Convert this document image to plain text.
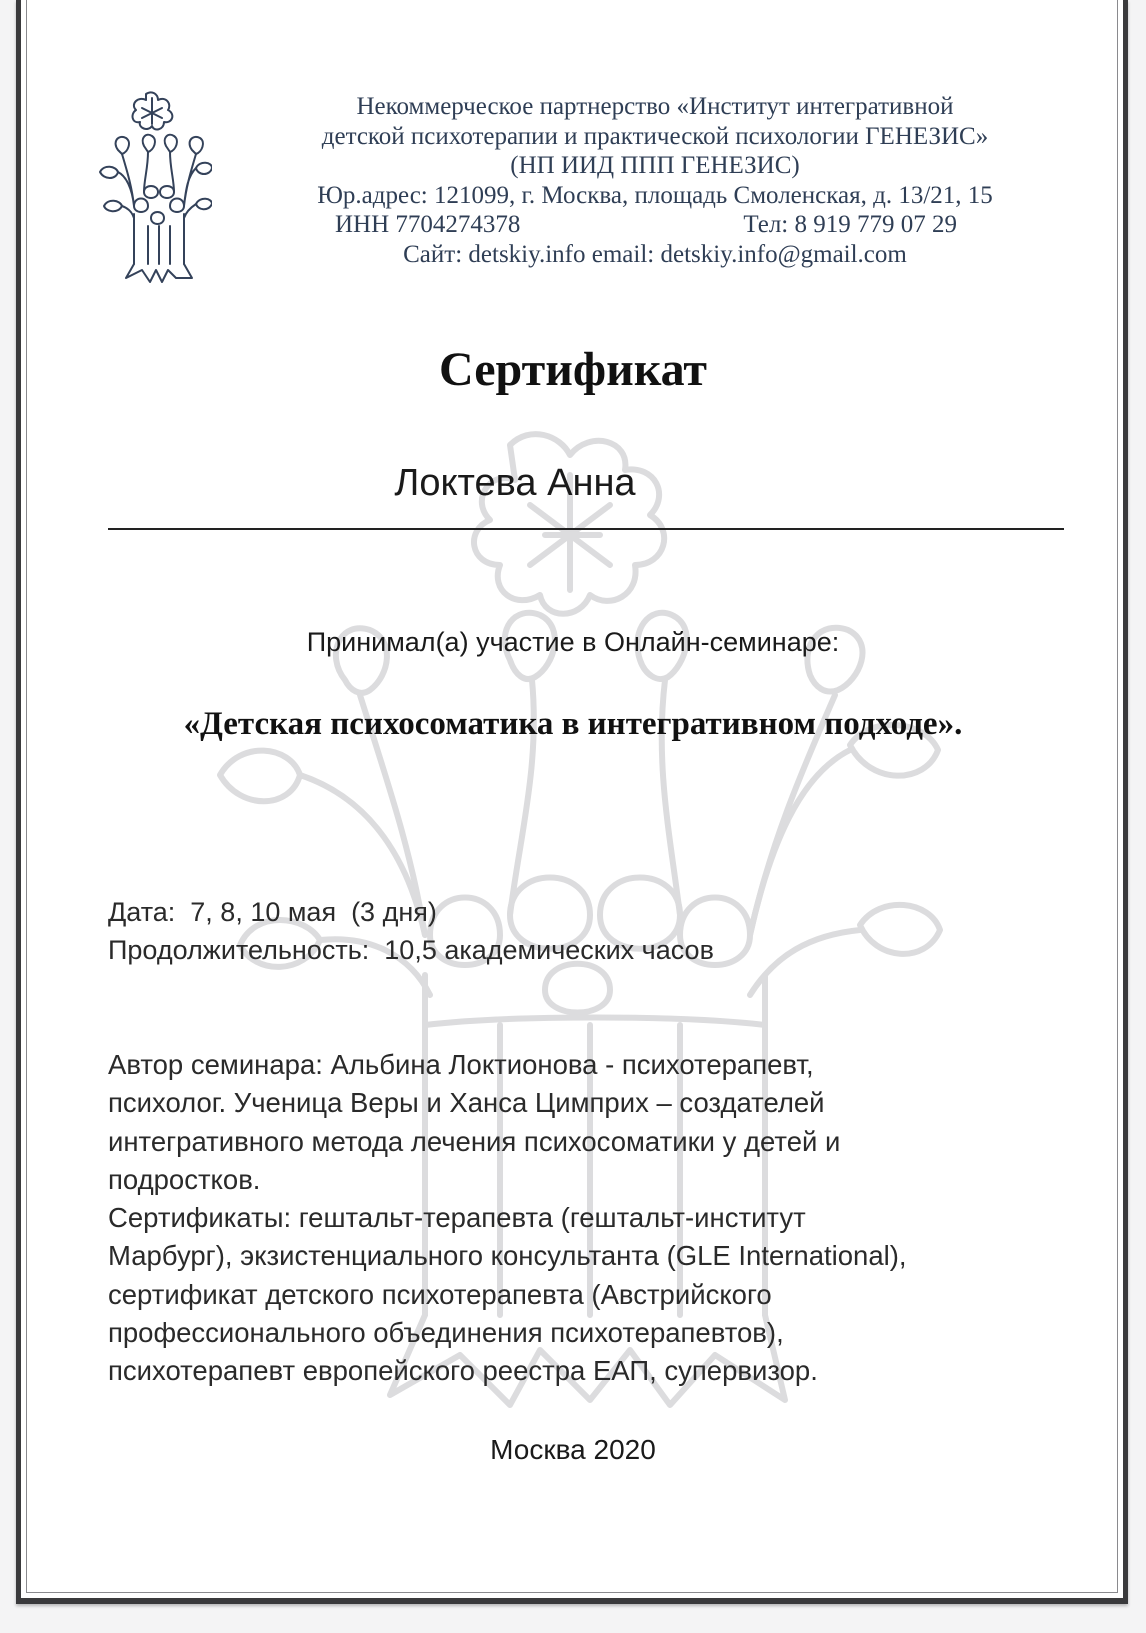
Некоммерческое партнерство «Институт интегративной
детской психотерапии и практической психологии ГЕНЕЗИС»
(НП ИИД ППП ГЕНЕЗИС)
Юр.адрес: 121099, г. Москва, площадь Смоленская, д. 13/21, 15
ИНН 7704274378	Тел: 8 919 779 07 29
Сайт: detskiy.info email: detskiy.info@gmail.com
Сертификат

Локтева Анна

Принимал(а) участие в Онлайн-семинаре:

«Детская психосоматика в интегративном подходе».

Дата:  7, 8, 10 мая  (3 дня)
Продолжительность:  10,5 академических часов
Автор семинара: Альбина Локтионова - психотерапевт,
психолог. Ученица Веры и Ханса Цимприх – создателей
интегративного метода лечения психосоматики у детей и
подростков.
Сертификаты: гештальт-терапевта (гештальт-институт
Марбург), экзистенциального консультанта (GLE International),
сертификат детского психотерапевта (Австрийского
профессионального объединения психотерапевтов),
психотерапевт европейского реестра ЕАП, супервизор.

Москва 2020
